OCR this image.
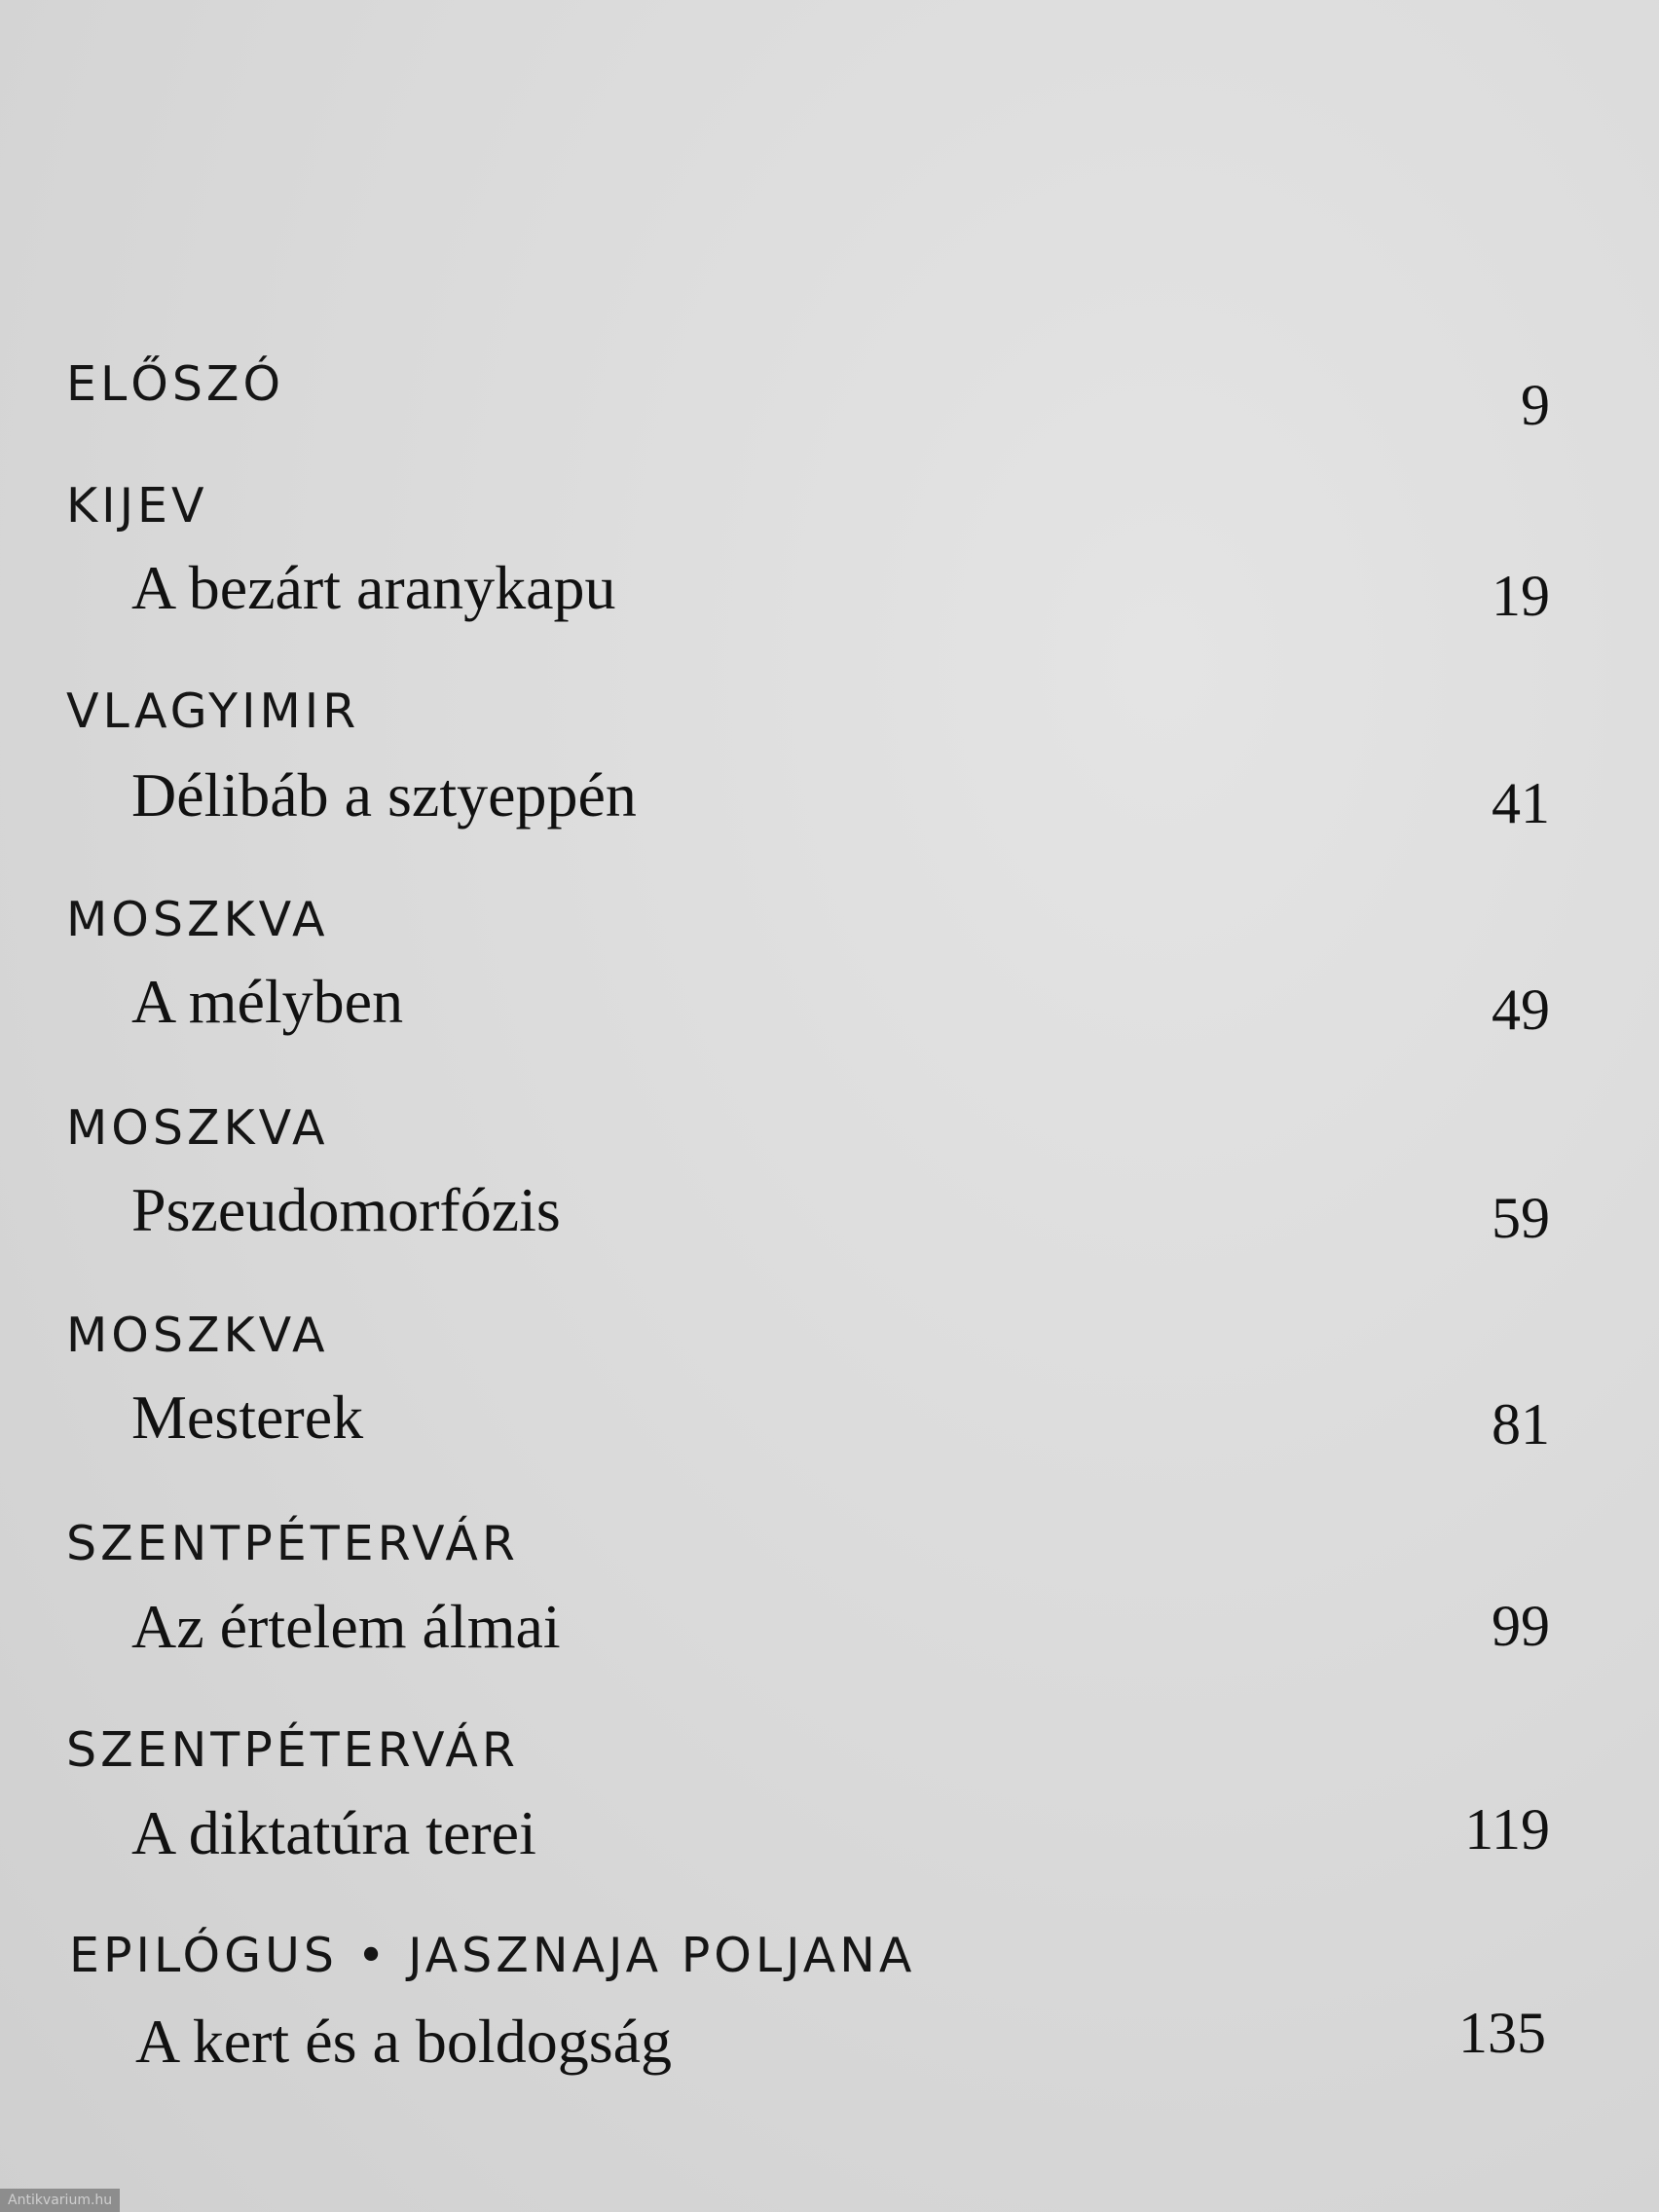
ELŐSZÓ	9
KIJEV
A bezárt aranykapu	19
VLAGYIMIR
Délibáb a sztyeppén	41
MOSZKVA
A mélyben	49
MOSZKVA
Pszeudomorfózis	59
MOSZKVA
Mesterek	81
SZENTPÉTERVÁR
Az értelem álmai	99
SZENTPÉTERVÁR
A diktatúra terei	119
EPILÓGUS • JASZNAJA POLJANA
A kert és a boldogság	135
Antikvarium.hu
